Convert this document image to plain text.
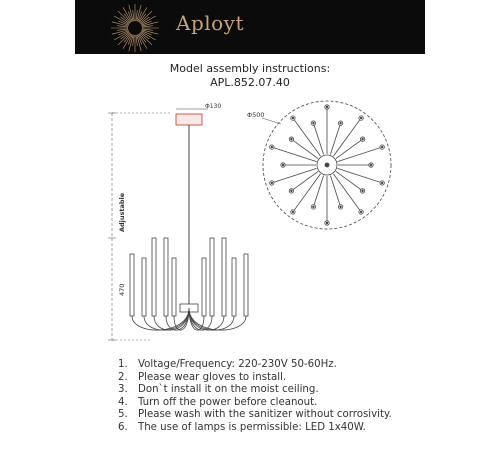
Aployt
Model assembly instructions:
APL.852.07.40
Φ130
Adjustable
470
Φ500
1. Voltage/Frequency: 220-230V 50-60Hz.
2. Please wear gloves to install.
3. Don`t install it on the moist ceiling.
4. Turn off the power before cleanout.
5. Please wash with the sanitizer without corrosivity.
6. The use of lamps is permissible: LED 1x40W.
